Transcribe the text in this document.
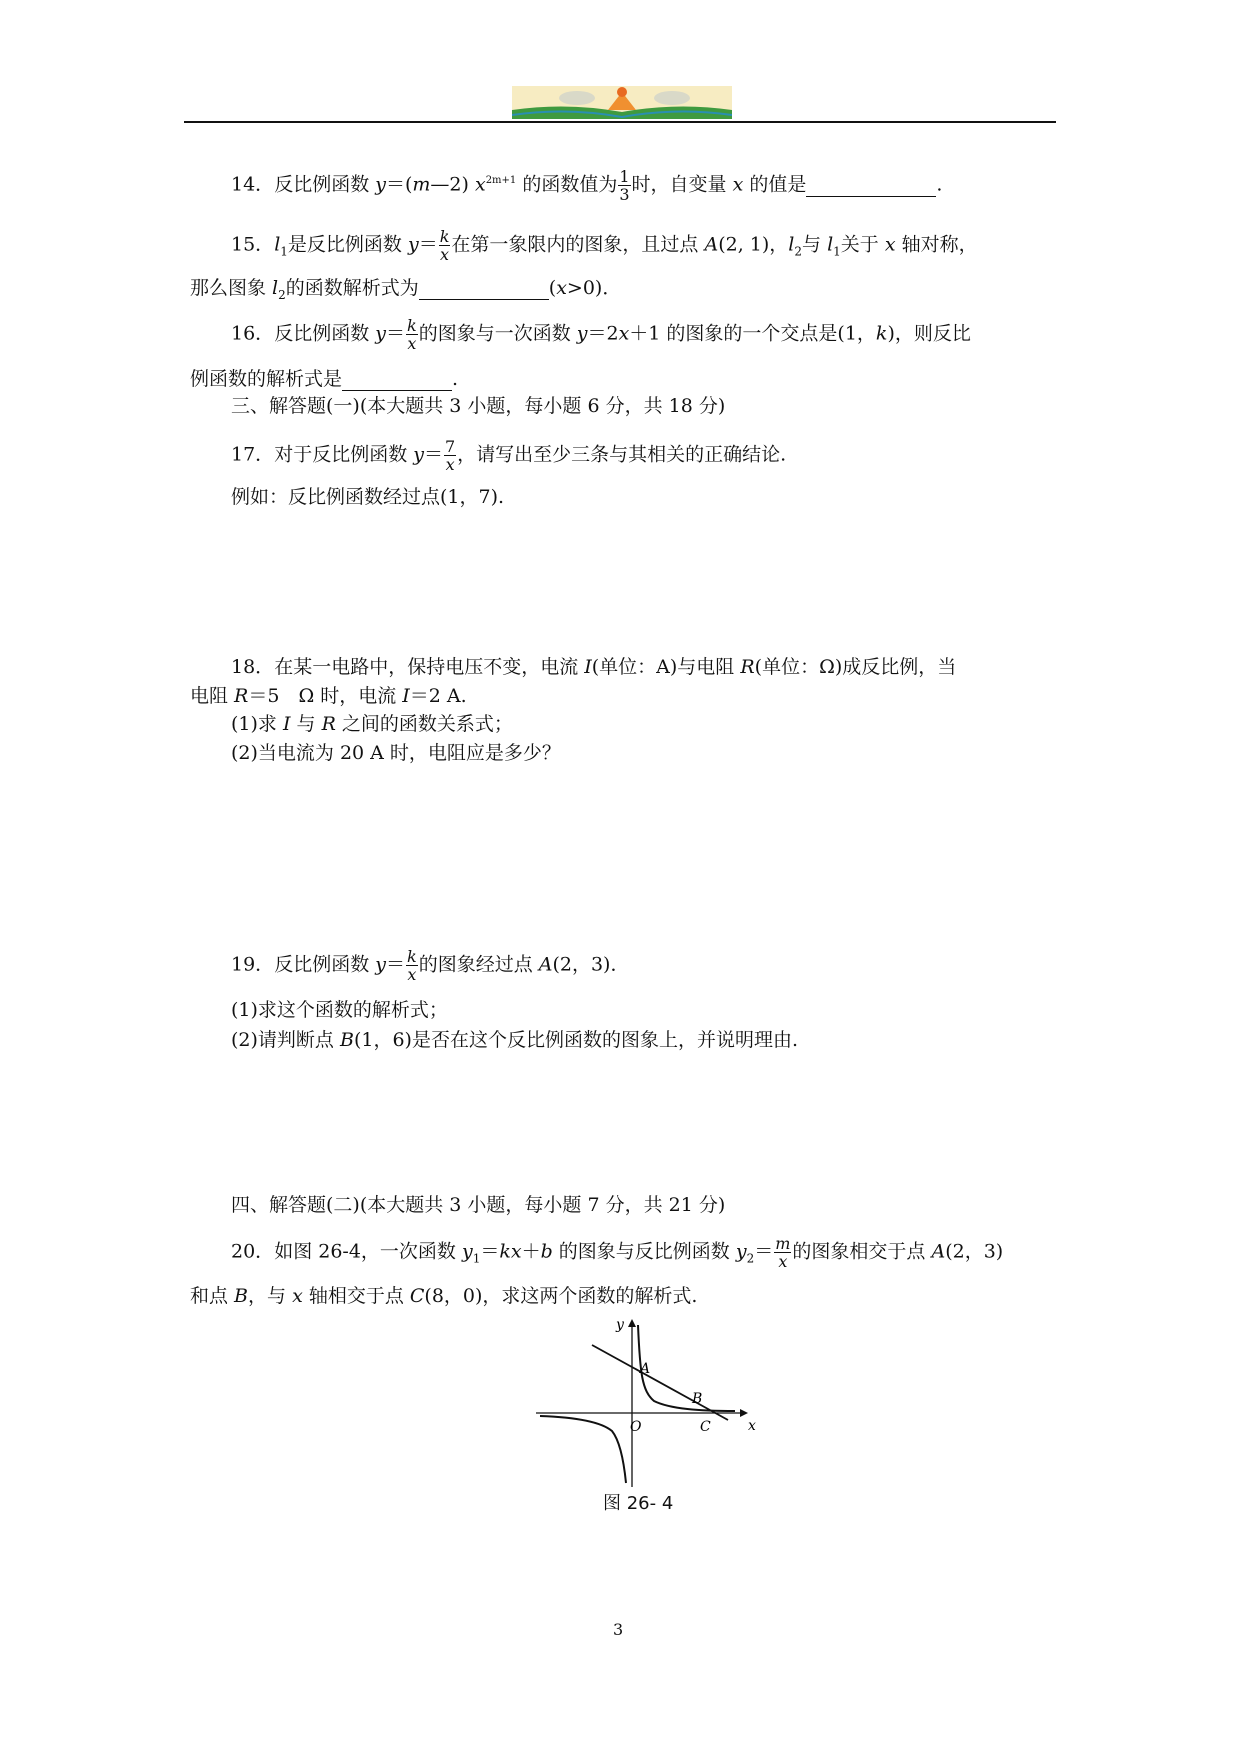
14．反比例函数 y＝(m—2) $x^{2m+1}$ 的函数值为 $\frac{1}{3}$ 时，自变量 x 的值是	.
15．$l_1$是反比例函数 $y= \frac{k}{x}$ 在第一象限内的图象，且过点 A(2, 1)，$l_2$与 $l_1$关于 x 轴对称，
那么图象 $l_2$的函数解析式为	(x>0)．
16．反比例函数 $y= \frac{k}{x}$ 的图象与一次函数 y＝2x＋1 的图象的一个交点是(1，k)，则反比
例函数的解析式是	.
三、解答题(一)(本大题共 3 小题，每小题 6 分，共 18 分)
17．对于反比例函数 $y= \frac{7}{x}$ ，请写出至少三条与其相关的正确结论.
例如：反比例函数经过点(1，7).
18．在某一电路中，保持电压不变，电流 I(单位：A)与电阻 R(单位：Ω)成反比例，当
电阻 R＝5　Ω 时，电流 I＝2 A.
(1)求 I 与 R 之间的函数关系式；
(2)当电流为 20 A 时，电阻应是多少？
19．反比例函数 $y= \frac{k}{x}$ 的图象经过点 A(2，3)．
(1)求这个函数的解析式；
(2)请判断点 B(1，6)是否在这个反比例函数的图象上，并说明理由.
四、解答题(二)(本大题共 3 小题，每小题 7 分，共 21 分)
20．如图 26-4，一次函数 $y_1=kx+b$ 的图象与反比例函数 $y_2= \frac{m}{x}$ 的图象相交于点 A(2，3)
和点 B，与 x 轴相交于点 C(8，0)，求这两个函数的解析式.
y
x
O
A
B
C
图 26- 4
3
